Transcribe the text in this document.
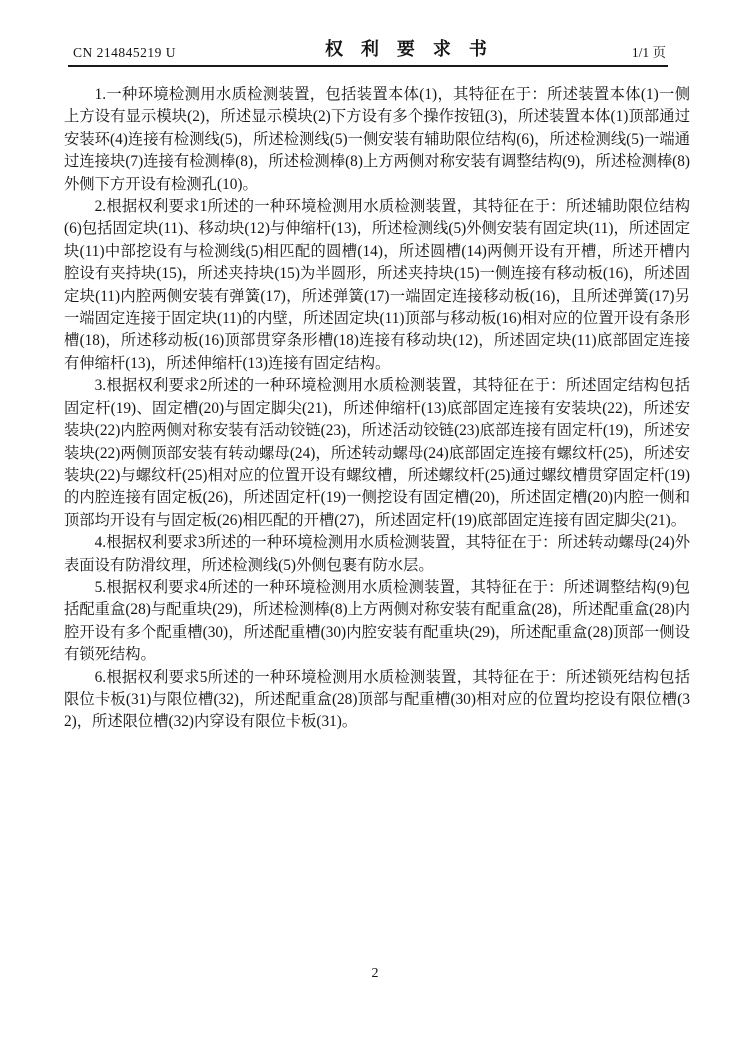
CN 214845219 U	权利要求书	1/1 页

1.一种环境检测用水质检测装置，包括装置本体(1)，其特征在于：所述装置本体(1)一侧上方设有显示模块(2)，所述显示模块(2)下方设有多个操作按钮(3)，所述装置本体(1)顶部通过安装环(4)连接有检测线(5)，所述检测线(5)一侧安装有辅助限位结构(6)，所述检测线(5)一端通过连接块(7)连接有检测棒(8)，所述检测棒(8)上方两侧对称安装有调整结构(9)，所述检测棒(8)外侧下方开设有检测孔(10)。

2.根据权利要求1所述的一种环境检测用水质检测装置，其特征在于：所述辅助限位结构(6)包括固定块(11)、移动块(12)与伸缩杆(13)，所述检测线(5)外侧安装有固定块(11)，所述固定块(11)中部挖设有与检测线(5)相匹配的圆槽(14)，所述圆槽(14)两侧开设有开槽，所述开槽内腔设有夹持块(15)，所述夹持块(15)为半圆形，所述夹持块(15)一侧连接有移动板(16)，所述固定块(11)内腔两侧安装有弹簧(17)，所述弹簧(17)一端固定连接移动板(16)，且所述弹簧(17)另一端固定连接于固定块(11)的内壁，所述固定块(11)顶部与移动板(16)相对应的位置开设有条形槽(18)，所述移动板(16)顶部贯穿条形槽(18)连接有移动块(12)，所述固定块(11)底部固定连接有伸缩杆(13)，所述伸缩杆(13)连接有固定结构。

3.根据权利要求2所述的一种环境检测用水质检测装置，其特征在于：所述固定结构包括固定杆(19)、固定槽(20)与固定脚尖(21)，所述伸缩杆(13)底部固定连接有安装块(22)，所述安装块(22)内腔两侧对称安装有活动铰链(23)，所述活动铰链(23)底部连接有固定杆(19)，所述安装块(22)两侧顶部安装有转动螺母(24)，所述转动螺母(24)底部固定连接有螺纹杆(25)，所述安装块(22)与螺纹杆(25)相对应的位置开设有螺纹槽，所述螺纹杆(25)通过螺纹槽贯穿固定杆(19)的内腔连接有固定板(26)，所述固定杆(19)一侧挖设有固定槽(20)，所述固定槽(20)内腔一侧和顶部均开设有与固定板(26)相匹配的开槽(27)，所述固定杆(19)底部固定连接有固定脚尖(21)。

4.根据权利要求3所述的一种环境检测用水质检测装置，其特征在于：所述转动螺母(24)外表面设有防滑纹理，所述检测线(5)外侧包裹有防水层。

5.根据权利要求4所述的一种环境检测用水质检测装置，其特征在于：所述调整结构(9)包括配重盒(28)与配重块(29)，所述检测棒(8)上方两侧对称安装有配重盒(28)，所述配重盒(28)内腔开设有多个配重槽(30)，所述配重槽(30)内腔安装有配重块(29)，所述配重盒(28)顶部一侧设有锁死结构。

6.根据权利要求5所述的一种环境检测用水质检测装置，其特征在于：所述锁死结构包括限位卡板(31)与限位槽(32)，所述配重盒(28)顶部与配重槽(30)相对应的位置均挖设有限位槽(32)，所述限位槽(32)内穿设有限位卡板(31)。

2
